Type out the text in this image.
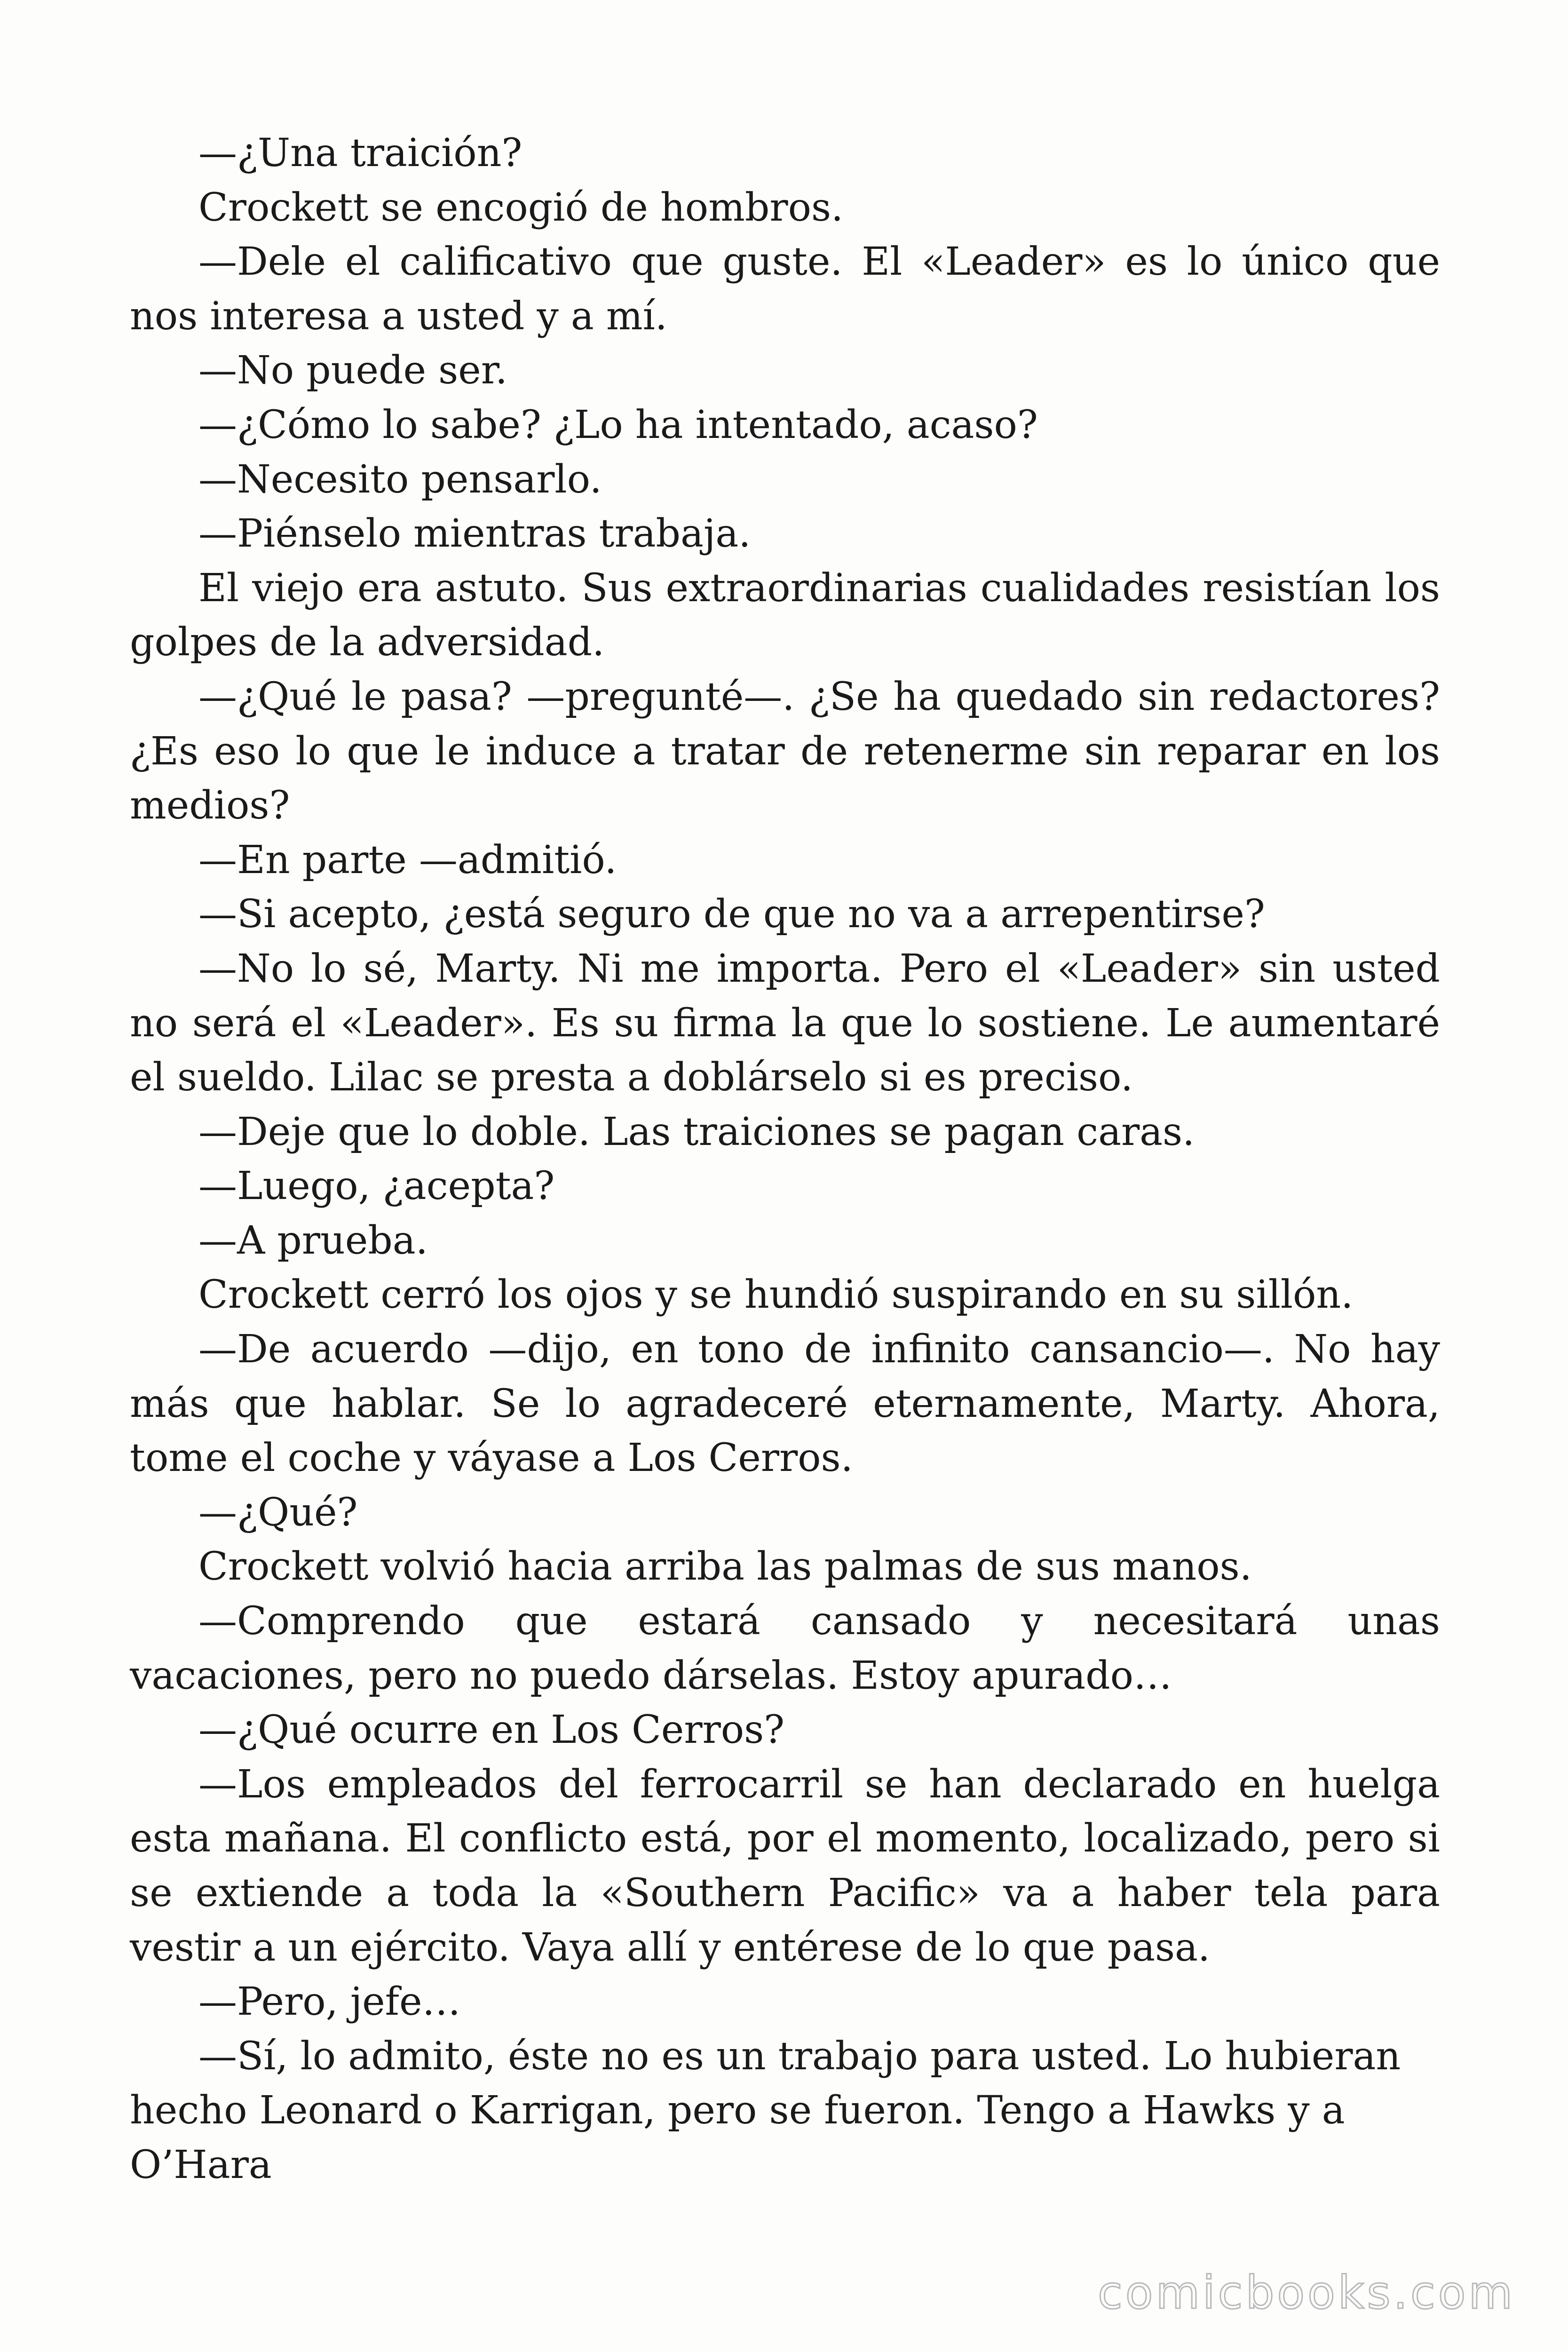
—¿Una traición?

Crockett se encogió de hombros.

—Dele el calificativo que guste. El «Leader» es lo único que nos interesa a usted y a mí.

—No puede ser.

—¿Cómo lo sabe? ¿Lo ha intentado, acaso?

—Necesito pensarlo.

—Piénselo mientras trabaja.

El viejo era astuto. Sus extraordinarias cualidades resistían los golpes de la adversidad.

—¿Qué le pasa? —pregunté—. ¿Se ha quedado sin redactores? ¿Es eso lo que le induce a tratar de retenerme sin reparar en los medios?

—En parte —admitió.

—Si acepto, ¿está seguro de que no va a arrepentirse?

—No lo sé, Marty. Ni me importa. Pero el «Leader» sin usted no será el «Leader». Es su firma la que lo sostiene. Le aumentaré el sueldo. Lilac se presta a doblárselo si es preciso.

—Deje que lo doble. Las traiciones se pagan caras.

—Luego, ¿acepta?

—A prueba.

Crockett cerró los ojos y se hundió suspirando en su sillón.

—De acuerdo —dijo, en tono de infinito cansancio—. No hay más que hablar. Se lo agradeceré eternamente, Marty. Ahora, tome el coche y váyase a Los Cerros.

—¿Qué?

Crockett volvió hacia arriba las palmas de sus manos.

—Comprendo que estará cansado y necesitará unas vacaciones, pero no puedo dárselas. Estoy apurado…

—¿Qué ocurre en Los Cerros?

—Los empleados del ferrocarril se han declarado en huelga esta mañana. El conflicto está, por el momento, localizado, pero si se extiende a toda la «Southern Pacific» va a haber tela para vestir a un ejército. Vaya allí y entérese de lo que pasa.

—Pero, jefe…

—Sí, lo admito, éste no es un trabajo para usted. Lo hubieran hecho Leonard o Karrigan, pero se fueron. Tengo a Hawks y a O’Hara

comicbooks.com
